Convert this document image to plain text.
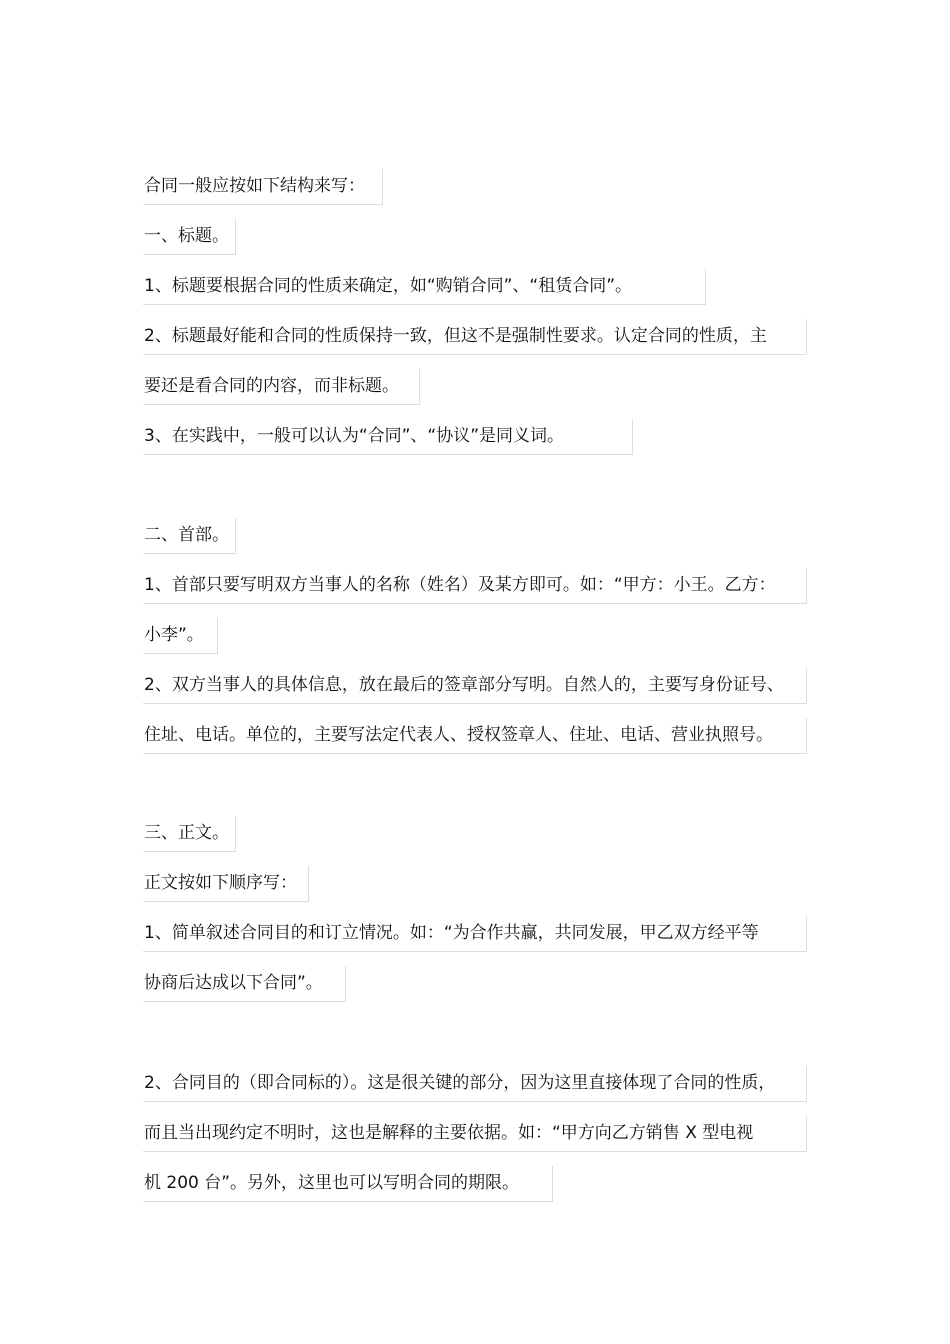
合同一般应按如下结构来写：
一、标题。
1、标题要根据合同的性质来确定，如“购销合同”、“租赁合同”。
2、标题最好能和合同的性质保持一致，但这不是强制性要求。认定合同的性质，主
要还是看合同的内容，而非标题。
3、在实践中，一般可以认为“合同”、“协议”是同义词。
二、首部。
1、首部只要写明双方当事人的名称（姓名）及某方即可。如：“甲方：小王。乙方：
小李”。
2、双方当事人的具体信息，放在最后的签章部分写明。自然人的，主要写身份证号、
住址、电话。单位的，主要写法定代表人、授权签章人、住址、电话、营业执照号。
三、正文。
正文按如下顺序写：
1、简单叙述合同目的和订立情况。如：“为合作共赢，共同发展，甲乙双方经平等
协商后达成以下合同”。
2、合同目的（即合同标的）。这是很关键的部分，因为这里直接体现了合同的性质，
而且当出现约定不明时，这也是解释的主要依据。如：“甲方向乙方销售 X 型电视
机 200 台”。另外，这里也可以写明合同的期限。
